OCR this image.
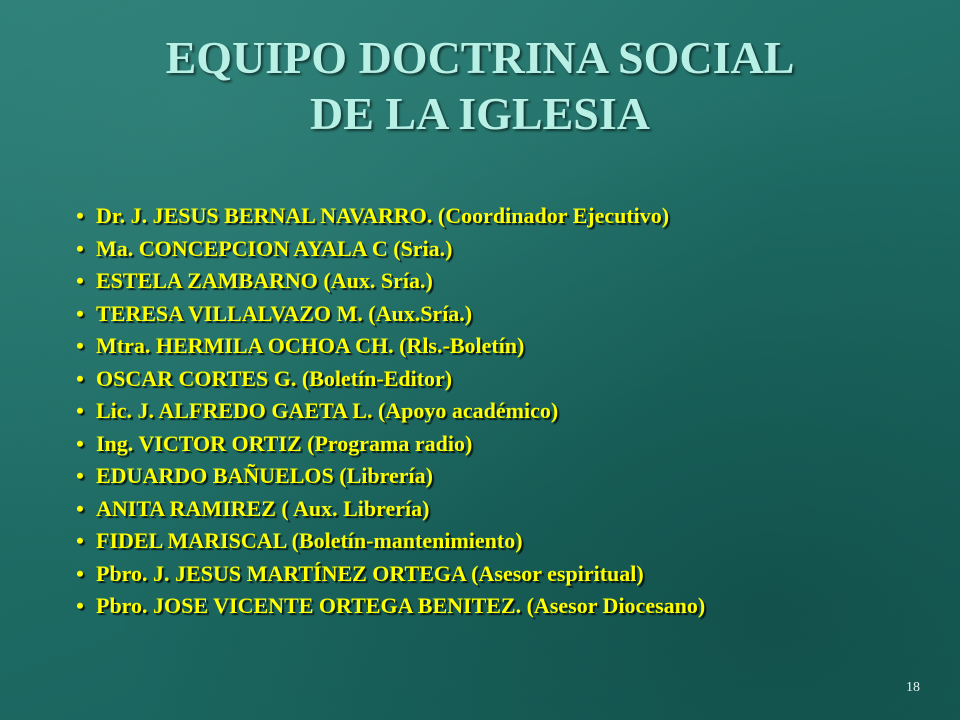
EQUIPO DOCTRINA SOCIAL
DE LA IGLESIA
• Dr. J. JESUS BERNAL NAVARRO. (Coordinador Ejecutivo)
• Ma. CONCEPCION AYALA C (Sria.)
• ESTELA ZAMBARNO (Aux. Sría.)
• TERESA VILLALVAZO M. (Aux.Sría.)
• Mtra. HERMILA OCHOA CH. (Rls.-Boletín)
• OSCAR CORTES G. (Boletín-Editor)
• Lic. J. ALFREDO GAETA L. (Apoyo académico)
• Ing. VICTOR ORTIZ (Programa radio)
• EDUARDO BAÑUELOS (Librería)
• ANITA RAMIREZ ( Aux. Librería)
• FIDEL MARISCAL (Boletín-mantenimiento)
• Pbro. J. JESUS MARTÍNEZ ORTEGA (Asesor espiritual)
• Pbro. JOSE VICENTE ORTEGA BENITEZ. (Asesor Diocesano)
18
